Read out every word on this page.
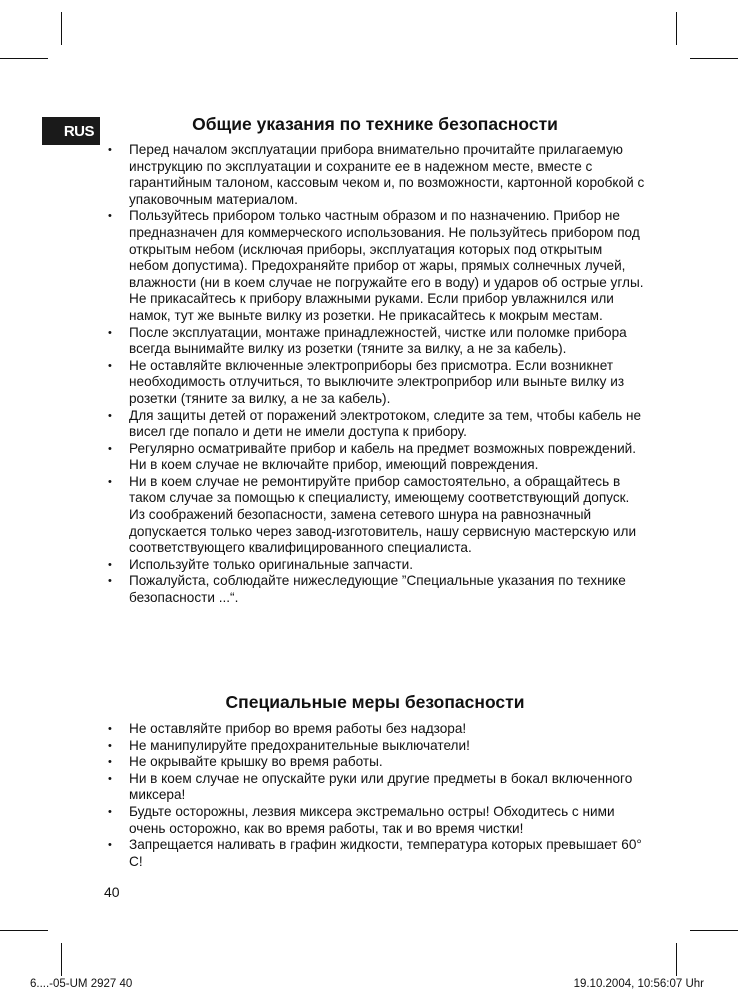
RUS	Общие указания по технике безопасности
• Перед началом эксплуатации прибора внимательно прочитайте прилагаемую инструкцию по эксплуатации и сохраните ее в надежном месте, вместе с гарантийным талоном, кассовым чеком и, по возможности, картонной коробкой с упаковочным материалом.
• Пользуйтесь прибором только частным образом и по назначению. Прибор не предназначен для коммерческого использования. Не пользуйтесь прибором под открытым небом (исключая приборы, эксплуатация которых под открытым небом допустима). Предохраняйте прибор от жары, прямых солнечных лучей, влажности (ни в коем случае не погружайте его в воду) и ударов об острые углы. Не прикасайтесь к прибору влажными руками. Если прибор увлажнился или намок, тут же выньте вилку из розетки. Не прикасайтесь к мокрым местам.
• После эксплуатации, монтаже принадлежностей, чистке или поломке прибора всегда вынимайте вилку из розетки (тяните за вилку, а не за кабель).
• Не оставляйте включенные электроприборы без присмотра. Если возникнет необходимость отлучиться, то выключите электроприбор или выньте вилку из розетки (тяните за вилку, а не за кабель).
• Для защиты детей от поражений электротоком, следите за тем, чтобы кабель не висел где попало и дети не имели доступа к прибору.
• Регулярно осматривайте прибор и кабель на предмет возможных повреждений. Ни в коем случае не включайте прибор, имеющий повреждения.
• Ни в коем случае не ремонтируйте прибор самостоятельно, а обращайтесь в таком случае за помощью к специалисту, имеющему соответствующий допуск. Из соображений безопасности, замена сетевого шнура на равнозначный допускается только через завод-изготовитель, нашу сервисную мастерскую или соответствующего квалифицированного специалиста.
• Используйте только оригинальные запчасти.
• Пожалуйста, соблюдайте нижеследующие ”Специальные указания по технике безопасности ...“.
Специальные меры безопасности
• Не оставляйте прибор во время работы без надзора!
• Не манипулируйте предохранительные выключатели!
• Не окрывайте крышку во время работы.
• Ни в коем случае не опускайте руки или другие предметы в бокал включенного миксера!
• Будьте осторожны, лезвия миксера экстремально остры! Обходитесь с ними очень осторожно, как во время работы, так и во время чистки!
• Запрещается наливать в графин жидкости, температура которых превышает 60° C!
40
6....-05-UM 2927 40	19.10.2004, 10:56:07 Uhr
